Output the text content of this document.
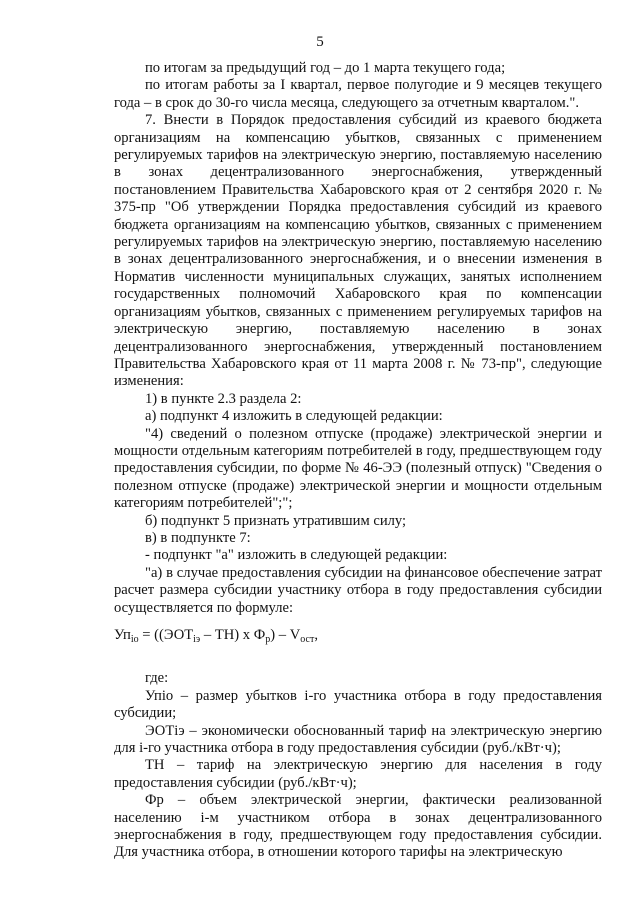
5

по итогам за предыдущий год – до 1 марта текущего года;

по итогам работы за I квартал, первое полугодие и 9 месяцев текущего года – в срок до 30-го числа месяца, следующего за отчетным кварталом.".

7. Внести в Порядок предоставления субсидий из краевого бюджета организациям на компенсацию убытков, связанных с применением регулируемых тарифов на электрическую энергию, поставляемую населению в зонах децентрализованного энергоснабжения, утвержденный постановлением Правительства Хабаровского края от 2 сентября 2020 г. № 375-пр "Об утверждении Порядка предоставления субсидий из краевого бюджета организациям на компенсацию убытков, связанных с применением регулируемых тарифов на электрическую энергию, поставляемую населению в зонах децентрализованного энергоснабжения, и о внесении изменения в Норматив численности муниципальных служащих, занятых исполнением государственных полномочий Хабаровского края по компенсации организациям убытков, связанных с применением регулируемых тарифов на электрическую энергию, поставляемую населению в зонах децентрализованного энергоснабжения, утвержденный постановлением Правительства Хабаровского края от 11 марта 2008 г. № 73-пр", следующие изменения:

1) в пункте 2.3 раздела 2:

а) подпункт 4 изложить в следующей редакции:

"4) сведений о полезном отпуске (продаже) электрической энергии и мощности отдельным категориям потребителей в году, предшествующем году предоставления субсидии, по форме № 46-ЭЭ (полезный отпуск) "Сведения о полезном отпуске (продаже) электрической энергии и мощности отдельным категориям потребителей";";

б) подпункт 5 признать утратившим силу;

в) в подпункте 7:

- подпункт "а" изложить в следующей редакции:

"а) в случае предоставления субсидии на финансовое обеспечение затрат расчет размера субсидии участнику отбора в году предоставления субсидии осуществляется по формуле:

$Уп_{iо} = ((ЭОТ_{iэ} - ТН)$ х $Ф_р) - V_{ост}$,

где:

Упiо – размер убытков i-го участника отбора в году предоставления субсидии;

ЭОТiэ – экономически обоснованный тариф на электрическую энергию для i-го участника отбора в году предоставления субсидии (руб./кВт·ч);

ТН – тариф на электрическую энергию для населения в году предоставления субсидии (руб./кВт·ч);

Фр – объем электрической энергии, фактически реализованной населению i-м участником отбора в зонах децентрализованного энергоснабжения в году, предшествующем году предоставления субсидии. Для участника отбора, в отношении которого тарифы на электрическую
